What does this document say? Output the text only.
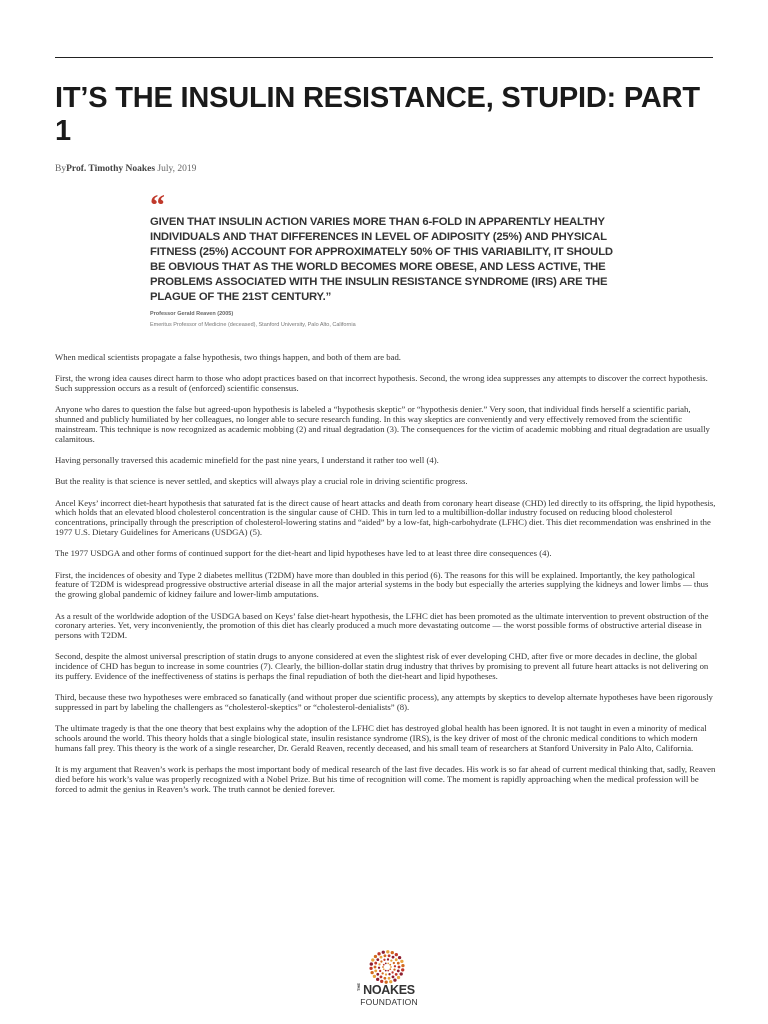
IT’S THE INSULIN RESISTANCE, STUPID: PART 1
ByProf. Timothy Noakes July, 2019
“
GIVEN THAT INSULIN ACTION VARIES MORE THAN 6-FOLD IN APPARENTLY HEALTHY INDIVIDUALS AND THAT DIFFERENCES IN LEVEL OF ADIPOSITY (25%) AND PHYSICAL FITNESS (25%) ACCOUNT FOR APPROXIMATELY 50% OF THIS VARIABILITY, IT SHOULD BE OBVIOUS THAT AS THE WORLD BECOMES MORE OBESE, AND LESS ACTIVE, THE PROBLEMS ASSOCIATED WITH THE INSULIN RESISTANCE SYNDROME (IRS) ARE THE PLAGUE OF THE 21ST CENTURY.”
Professor Gerald Reaven (2005)
Emeritus Professor of Medicine (deceased), Stanford University, Palo Alto, California

When medical scientists propagate a false hypothesis, two things happen, and both of them are bad.

First, the wrong idea causes direct harm to those who adopt practices based on that incorrect hypothesis. Second, the wrong idea suppresses any attempts to discover the correct hypothesis. Such suppression occurs as a result of (enforced) scientific consensus.

Anyone who dares to question the false but agreed-upon hypothesis is labeled a “hypothesis skeptic” or “hypothesis denier.” Very soon, that individual finds herself a scientific pariah, shunned and publicly humiliated by her colleagues, no longer able to secure research funding. In this way skeptics are conveniently and very effectively removed from the scientific mainstream. This technique is now recognized as academic mobbing (2) and ritual degradation (3). The consequences for the victim of academic mobbing and ritual degradation are usually calamitous.

Having personally traversed this academic minefield for the past nine years, I understand it rather too well (4).

But the reality is that science is never settled, and skeptics will always play a crucial role in driving scientific progress.

Ancel Keys’ incorrect diet-heart hypothesis that saturated fat is the direct cause of heart attacks and death from coronary heart disease (CHD) led directly to its offspring, the lipid hypothesis, which holds that an elevated blood cholesterol concentration is the singular cause of CHD. This in turn led to a multibillion-dollar industry focused on reducing blood cholesterol concentrations, principally through the prescription of cholesterol-lowering statins and “aided” by a low-fat, high-carbohydrate (LFHC) diet. This diet recommendation was enshrined in the 1977 U.S. Dietary Guidelines for Americans (USDGA) (5).

The 1977 USDGA and other forms of continued support for the diet-heart and lipid hypotheses have led to at least three dire consequences (4).

First, the incidences of obesity and Type 2 diabetes mellitus (T2DM) have more than doubled in this period (6). The reasons for this will be explained. Importantly, the key pathological feature of T2DM is widespread progressive obstructive arterial disease in all the major arterial systems in the body but especially the arteries supplying the kidneys and lower limbs — thus the growing global pandemic of kidney failure and lower-limb amputations.

As a result of the worldwide adoption of the USDGA based on Keys’ false diet-heart hypothesis, the LFHC diet has been promoted as the ultimate intervention to prevent obstruction of the coronary arteries. Yet, very inconveniently, the promotion of this diet has clearly produced a much more devastating outcome — the worst possible forms of obstructive arterial disease in persons with T2DM.

Second, despite the almost universal prescription of statin drugs to anyone considered at even the slightest risk of ever developing CHD, after five or more decades in decline, the global incidence of CHD has begun to increase in some countries (7). Clearly, the billion-dollar statin drug industry that thrives by promising to prevent all future heart attacks is not delivering on its puffery. Evidence of the ineffectiveness of statins is perhaps the final repudiation of both the diet-heart and lipid hypotheses.

Third, because these two hypotheses were embraced so fanatically (and without proper due scientific process), any attempts by skeptics to develop alternate hypotheses have been rigorously suppressed in part by labeling the challengers as “cholesterol-skeptics” or “cholesterol-denialists” (8).

The ultimate tragedy is that the one theory that best explains why the adoption of the LFHC diet has destroyed global health has been ignored. It is not taught in even a minority of medical schools around the world. This theory holds that a single biological state, insulin resistance syndrome (IRS), is the key driver of most of the chronic medical conditions to which modern humans fall prey. This theory is the work of a single researcher, Dr. Gerald Reaven, recently deceased, and his small team of researchers at Stanford University in Palo Alto, California.

It is my argument that Reaven’s work is perhaps the most important body of medical research of the last five decades. His work is so far ahead of current medical thinking that, sadly, Reaven died before his work’s value was properly recognized with a Nobel Prize. But his time of recognition will come. The moment is rapidly approaching when the medical profession will be forced to admit the genius in Reaven’s work. The truth cannot be denied forever.

THE NOAKES
FOUNDATION
